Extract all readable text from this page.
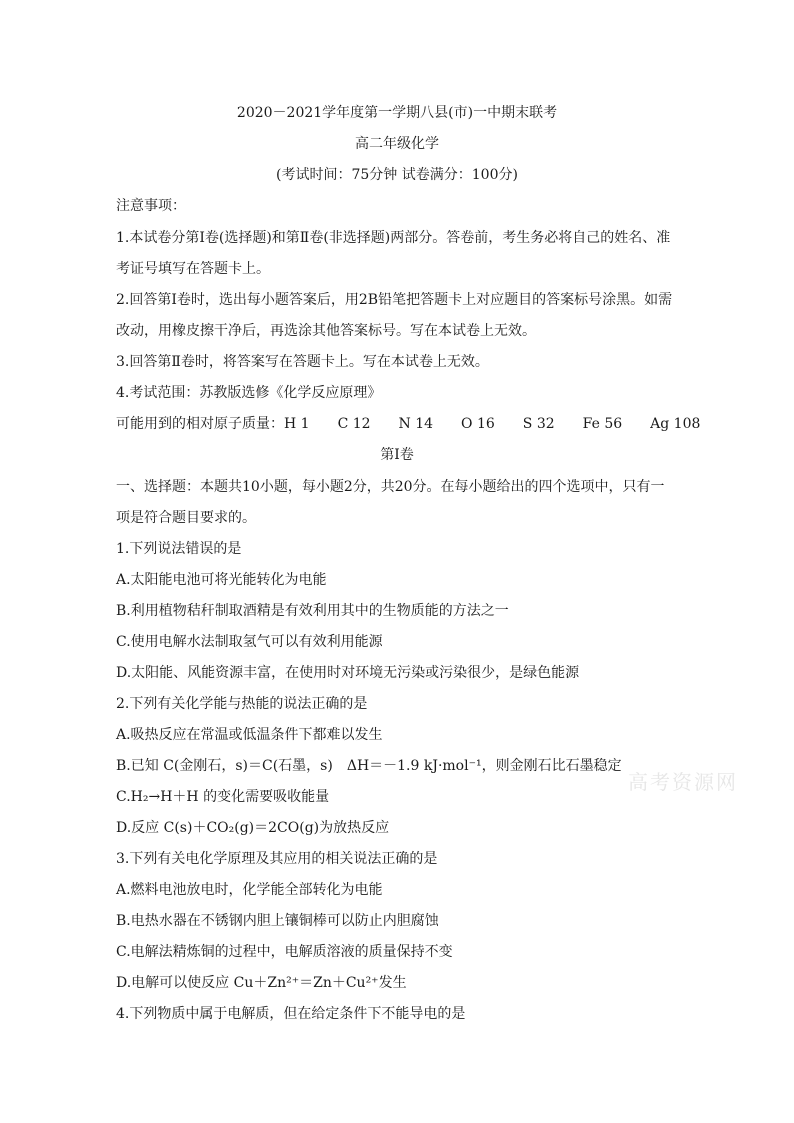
2020－2021学年度第一学期八县(市)一中期末联考
高二年级化学
(考试时间：75分钟 试卷满分：100分)
注意事项：
1.本试卷分第Ⅰ卷(选择题)和第Ⅱ卷(非选择题)两部分。答卷前，考生务必将自己的姓名、准
考证号填写在答题卡上。
2.回答第Ⅰ卷时，选出每小题答案后，用2B铅笔把答题卡上对应题目的答案标号涂黑。如需
改动，用橡皮擦干净后，再选涂其他答案标号。写在本试卷上无效。
3.回答第Ⅱ卷时，将答案写在答题卡上。写在本试卷上无效。
4.考试范围：苏教版选修《化学反应原理》
可能用到的相对原子质量：H 1　　C 12　　N 14　　O 16　　S 32　　Fe 56　　Ag 108
第Ⅰ卷
一、选择题：本题共10小题，每小题2分，共20分。在每小题给出的四个选项中，只有一
项是符合题目要求的。
1.下列说法错误的是
A.太阳能电池可将光能转化为电能
B.利用植物秸秆制取酒精是有效利用其中的生物质能的方法之一
C.使用电解水法制取氢气可以有效利用能源
D.太阳能、风能资源丰富，在使用时对环境无污染或污染很少，是绿色能源
2.下列有关化学能与热能的说法正确的是
A.吸热反应在常温或低温条件下都难以发生
B.已知 C(金刚石，s)＝C(石墨，s)　ΔH＝－1.9 kJ·mol⁻¹，则金刚石比石墨稳定
C.H₂→H＋H 的变化需要吸收能量
D.反应 C(s)＋CO₂(g)＝2CO(g)为放热反应
3.下列有关电化学原理及其应用的相关说法正确的是
A.燃料电池放电时，化学能全部转化为电能
B.电热水器在不锈钢内胆上镶铜棒可以防止内胆腐蚀
C.电解法精炼铜的过程中，电解质溶液的质量保持不变
D.电解可以使反应 Cu＋Zn²⁺＝Zn＋Cu²⁺发生
4.下列物质中属于电解质，但在给定条件下不能导电的是
高考资源网
